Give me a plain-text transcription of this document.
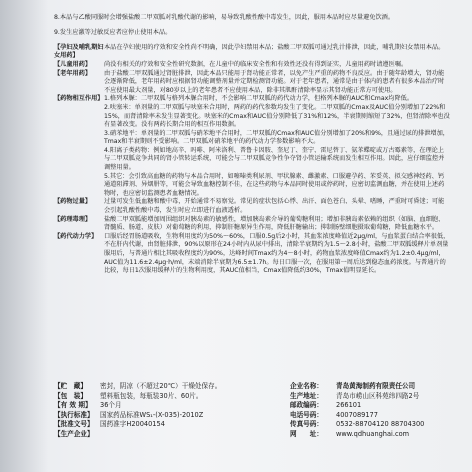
8.本品与乙酸同服时会增强盐酸二甲双胍对乳酸代谢的影响，易导致乳酸性酸中毒发生，因此，服用本品时应尽量避免饮酒。

9.发生应激等过敏反应者应停止使用本品。

【孕妇及哺乳期妇女用药】

本品在孕妇使用的疗效和安全性尚不明确，因此孕妇禁用本品；盐酸二甲双胍可通过乳汁排泄，因此，哺乳期妇女禁用本品。

【儿童用药】	尚没有相关的疗效和安全性研究数据，在儿童中的临床安全性和有效性还没有得到证实，儿童用药时请遵医嘱。

【老年用药】	由于盐酸二甲双胍通过肾脏排泄，因此本品只能用于肾功能正常者，以免产生严重的药物不良反应。由于随年龄增大，肾功能会逐渐降低，老年用药时应根据肾功能调整剂量并定期检测肾功能。对于老年患者，通常是由于体内的患者有很多本品治疗时不应使用最大剂量，对80岁以上的老年患者不应使用本品，除非其肌酐清除率显示其肾功能正常方可使用。

【药物相互作用】 1.格列本脲：二甲双胍与格列本脲合用时，不会影响二甲双胍的药代动力学，但格列本脲的AUC和Cmax均降低。

2.呋塞米：单剂量的二甲双胍与呋塞米合用时，两药的药代参数均发生了变化。二甲双胍的Cmax及AUC值分别增加了22%和15%，而肾清除率未发生显著变化。呋塞米的Cmax和AUC值分别降低了31%和12%，半衰期则缩短了32%，但肾清除率也没有显著改变。没有两药长期合用的相互作用数据。

3.硝苯地平：单剂量的二甲双胍与硝苯地平合用时，二甲双胍的Cmax和AUC值分别增加了20%和9%，且通过尿的排泄增加，Tmax和半衰期则不受影响。二甲双胍对硝苯地平的药代动力学参数影响不大。

4.阳离子类药物：例如地高辛、吗啡、阿米洛利、普鲁卡因胺、奎尼丁、奎宁、雷尼替丁、氨苯蝶啶或万古霉素等，在理论上与二甲双胍竞争共同的肾小管转运系统，可能会与二甲双胍竞争性争夺肾小管运输系统而发生相互作用。因此，应仔细监控并调整用量。

5.其它：会引致高血糖的药物与本品合用时，如噻嗪类利尿剂、甲状腺素、雌激素、口服避孕药、苯妥英、拟交感神经药、钙通道阻滞剂、异烟肼等，可能会导致血糖控制不佳，在这些药物与本品同时使用或停药时，应密切监测血糖，并在使用上述药物时，也应密切监测患者血糖情况。

【药物过量】	过量可发生低血糖和酸中毒，开始通常不易察觉。常见的症状包括心悸、出汗、面色苍白、头晕、嗜睡，严重时可昏迷；可能会引起乳酸性酸中毒，发生时应立即进行血液透析。

【药理毒理】	盐酸二甲双胍能增加周围组织对胰岛素的敏感性，增加胰岛素介导的葡萄糖利用；增加非胰岛素依赖的组织（如脑、血细胞、肾髓质、肠道、皮肤）对葡萄糖的利用，抑制肝糖原异生作用，降低肝糖输出；抑制肠壁细胞摄取葡萄糖，降低血糖水平。

【药代动力学】	口服后经胃肠道吸收，生物利用度约为50%～60%，口服0.5g后2小时，其血浆浓度峰值近2μg/ml，与血浆蛋白结合率很低，不在肝内代谢，由肾脏排泄，90%以原形在24小时内从尿中排出，清除半衰期约为1.5～2.8小时，盐酸二甲双胍缓释片单剂量服用后，与普通片相比其吸收程度约为90%，达峰时间Tmax约为4～8小时，药物血浆浓度峰值Cmax约为1.2±0.4μg/ml，AUC值为11.6±2.4μg·h/ml，末端消除半衰期为6.5±1.7h。每日口服一次，在服用第一周后达到稳态血药浓度。与普通片的比较，每日1次服用缓释片的生物利用度，其AUC值相当，Cmax值降低约30%，Tmax值明显延长。

【贮　藏】	密封，阴凉（不超过20℃）干燥处保存。
【包　装】	塑料瓶包装，每瓶装30片、60片。
【有 效 期】	36个月
【执行标准】 国家药品标准WS₁-(X-035)-2010Z
【批准文号】 国药准字H20040154
【生产企业】
企业名称：	青岛黄海制药有限责任公司
生产地址：	青岛市崂山区科苑纬四路2号
邮政编码：	266101
电话号码：	4007089177
传真号码：	0532-88704120 88704300
网　　址：	www.qdhuanghai.com
